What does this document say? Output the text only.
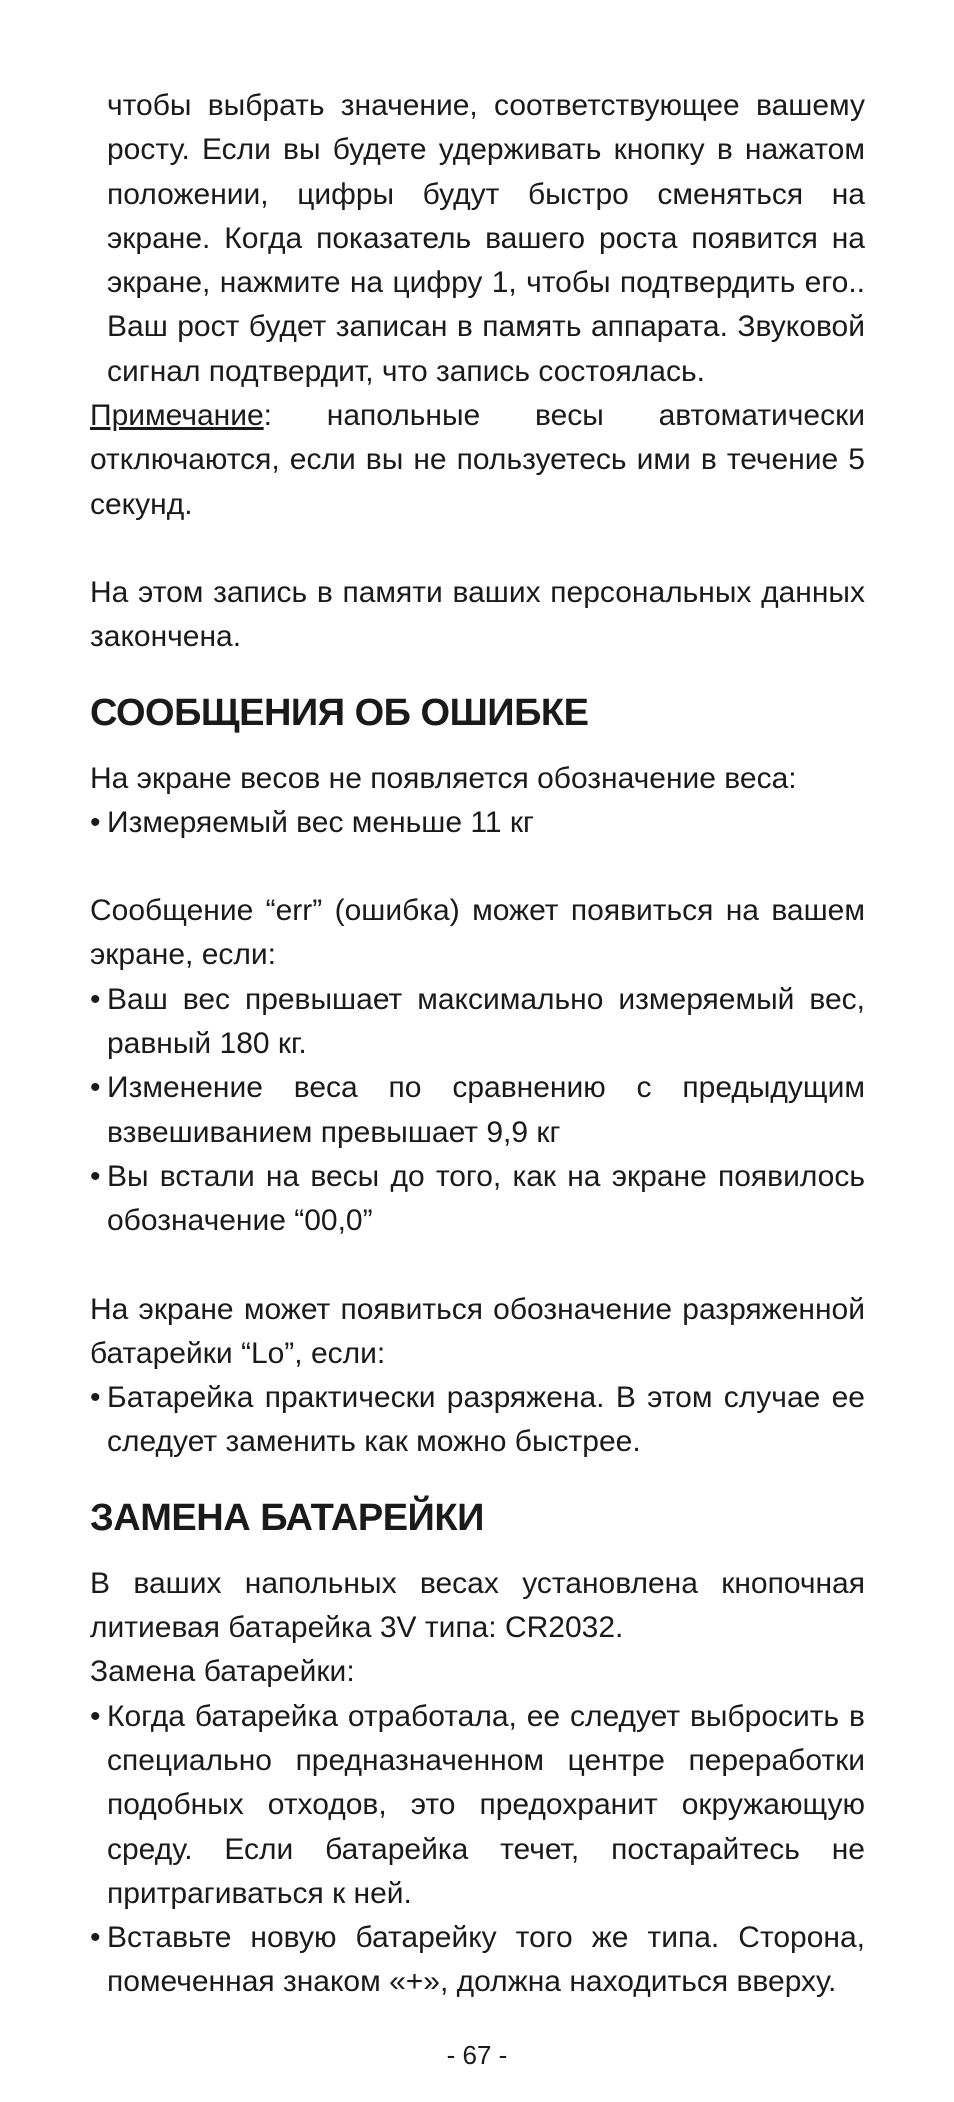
чтобы выбрать значение, соответствующее вашему росту. Если вы будете удерживать кнопку в нажатом положении, цифры будут быстро сменяться на экране. Когда показатель вашего роста появится на экране, нажмите на цифру 1, чтобы подтвердить его.. Ваш рост будет записан в память аппарата. Звуковой сигнал подтвердит, что запись состоялась.

Примечание: напольные весы автоматически отключаются, если вы не пользуетесь ими в течение 5 секунд.

На этом запись в памяти ваших персональных данных закончена.

СООБЩЕНИЯ ОБ ОШИБКЕ

На экране весов не появляется обозначение веса:

• Измеряемый вес меньше 11 кг

Сообщение “err” (ошибка) может появиться на вашем экране, если:

• Ваш вес превышает максимально измеряемый вес, равный 180 кг.
• Изменение веса по сравнению с предыдущим взвешиванием превышает 9,9 кг
• Вы встали на весы до того, как на экране появилось обозначение “00,0”

На экране может появиться обозначение разряженной батарейки “Lo”, если:

• Батарейка практически разряжена. В этом случае ее следует заменить как можно быстрее.
ЗАМЕНА БАТАРЕЙКИ

В ваших напольных весах установлена кнопочная литиевая батарейка 3V типа: CR2032.

Замена батарейки:

• Когда батарейка отработала, ее следует выбросить в специально предназначенном центре переработки подобных отходов, это предохранит окружающую среду. Если батарейка течет, постарайтесь не притрагиваться к ней.
• Вставьте новую батарейку того же типа. Сторона, помеченная знаком «+», должна находиться вверху.
- 67 -
